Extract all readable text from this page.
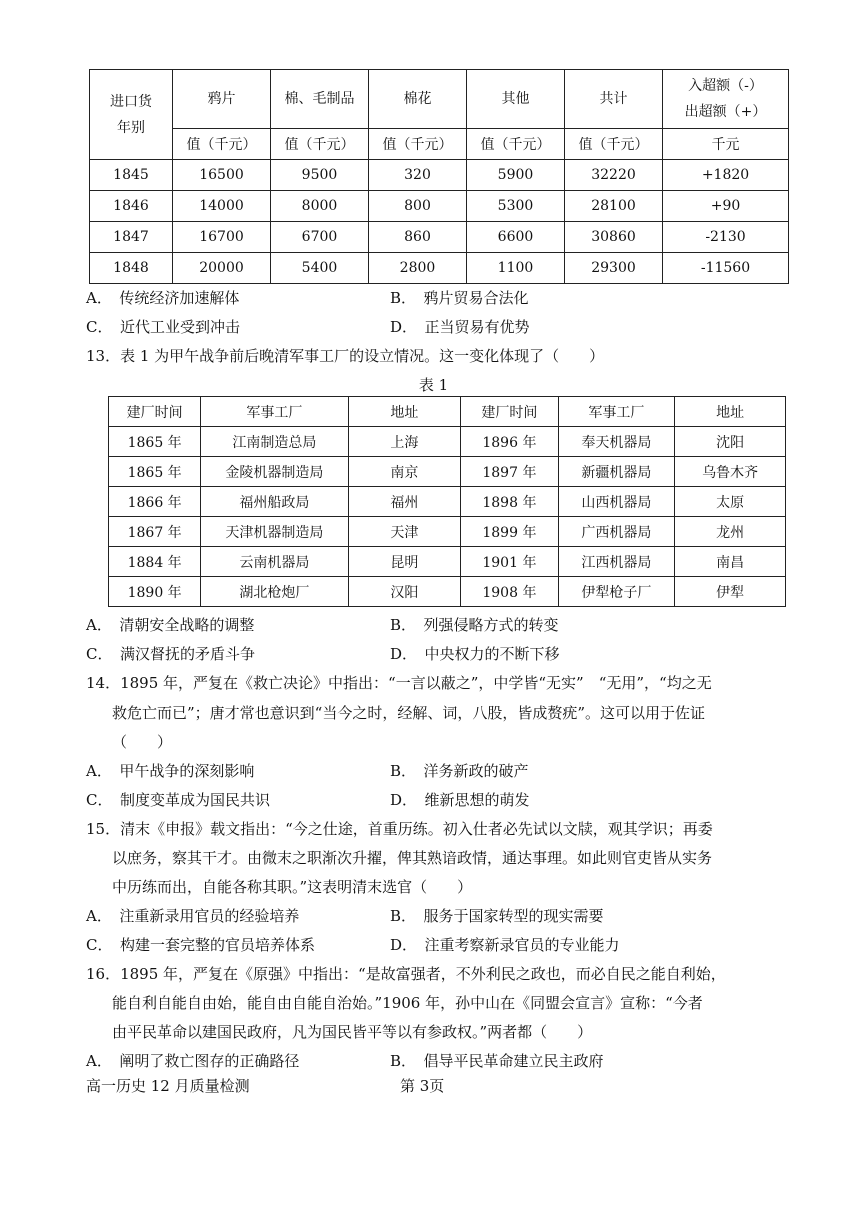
进口货
年别	鸦片	棉、毛制品	棉花	其他	共计	入超额（-）
出超额（+）
	值（千元）	值（千元）	值（千元）	值（千元）	值（千元）	千元
1845	16500	9500	320	5900	32220	+1820
1846	14000	8000	800	5300	28100	+90
1847	16700	6700	860	6600	30860	-2130
1848	20000	5400	2800	1100	29300	-11560
A．　传统经济加速解体	B．　鸦片贸易合法化
C．　近代工业受到冲击	D．　正当贸易有优势
13．表 1 为甲午战争前后晚清军事工厂的设立情况。这一变化体现了（　　）
表 1
建厂时间	军事工厂	地址	建厂时间	军事工厂	地址
1865 年	江南制造总局	上海	1896 年	奉天机器局	沈阳
1865 年	金陵机器制造局	南京	1897 年	新疆机器局	乌鲁木齐
1866 年	福州船政局	福州	1898 年	山西机器局	太原
1867 年	天津机器制造局	天津	1899 年	广西机器局	龙州
1884 年	云南机器局	昆明	1901 年	江西机器局	南昌
1890 年	湖北枪炮厂	汉阳	1908 年	伊犁枪子厂	伊犁
A．　清朝安全战略的调整	B．　列强侵略方式的转变
C．　满汉督抚的矛盾斗争	D．　中央权力的不断下移
14．1895 年，严复在《救亡决论》中指出：“一言以蔽之”，中学皆“无实”　“无用”，“均之无
救危亡而已”；唐才常也意识到“当今之时，经解、词，八股，皆成赘疣”。这可以用于佐证
（　　）
A．　甲午战争的深刻影响	B．　洋务新政的破产
C．　制度变革成为国民共识	D．　维新思想的萌发
15．清末《申报》载文指出：“今之仕途，首重历练。初入仕者必先试以文牍，观其学识；再委
以庶务，察其干才。由微末之职渐次升擢，俾其熟谙政情，通达事理。如此则官吏皆从实务
中历练而出，自能各称其职。”这表明清末选官（　　）
A．　注重新录用官员的经验培养	B．　服务于国家转型的现实需要
C．　构建一套完整的官员培养体系	D．　注重考察新录官员的专业能力
16．1895 年，严复在《原强》中指出：“是故富强者，不外利民之政也，而必自民之能自利始，
能自利自能自由始，能自由自能自治始。”1906 年，孙中山在《同盟会宣言》宣称：“今者
由平民革命以建国民政府，凡为国民皆平等以有参政权。”两者都（　　）
A．　阐明了救亡图存的正确路径	B．　倡导平民革命建立民主政府
高一历史 12 月质量检测	第 3页
